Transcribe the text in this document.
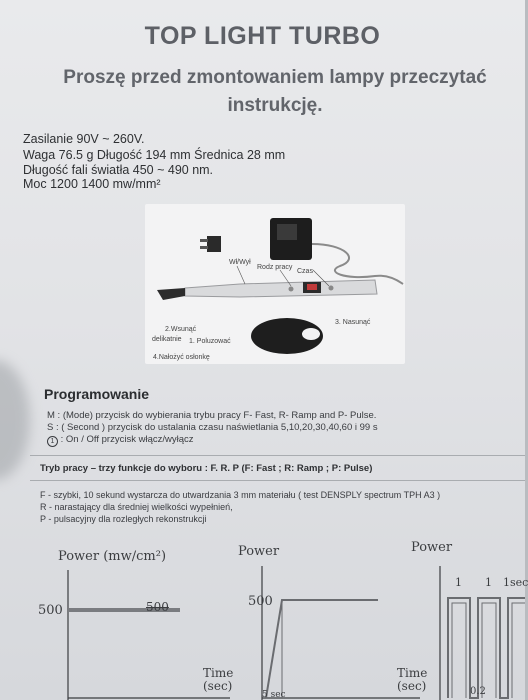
TOP LIGHT TURBO
Proszę przed zmontowaniem lampy przeczytać
instrukcję.
Zasilanie 90V ~ 260V.
Waga 76.5 g Długość 194 mm Średnica 28 mm
Długość fali światła 450 ~ 490 nm.
Moc 1200 1400 mw/mm²
Wł/Wył
Rodz pracy
Czas
2.Wsunąć
delikatnie 1. Poluzować
3. Nasunąć
4.Nałożyć osłonkę
Programowanie
M : (Mode) przycisk do wybierania trybu pracy F- Fast, R- Ramp and P- Pulse.
S : ( Second ) przycisk do ustalania czasu naświetlania 5,10,20,30,40,60 i 99 s
1 : On / Off przycisk włącz/wyłącz
Tryb pracy – trzy funkcje do wyboru : F. R. P (F: Fast ; R: Ramp ; P: Pulse)
F - szybki, 10 sekund wystarcza do utwardzania 3 mm materiału ( test DENSPLY spectrum TPH A3 )
R - narastający dla średniej wielkości wypełnień,
P - pulsacyjny dla rozległych rekonstrukcji
Power (mw/cm²)
500	500
Time
(sec)
Power
500
Time
(sec)
5 sec
Power
1 1 1sec
0.2
